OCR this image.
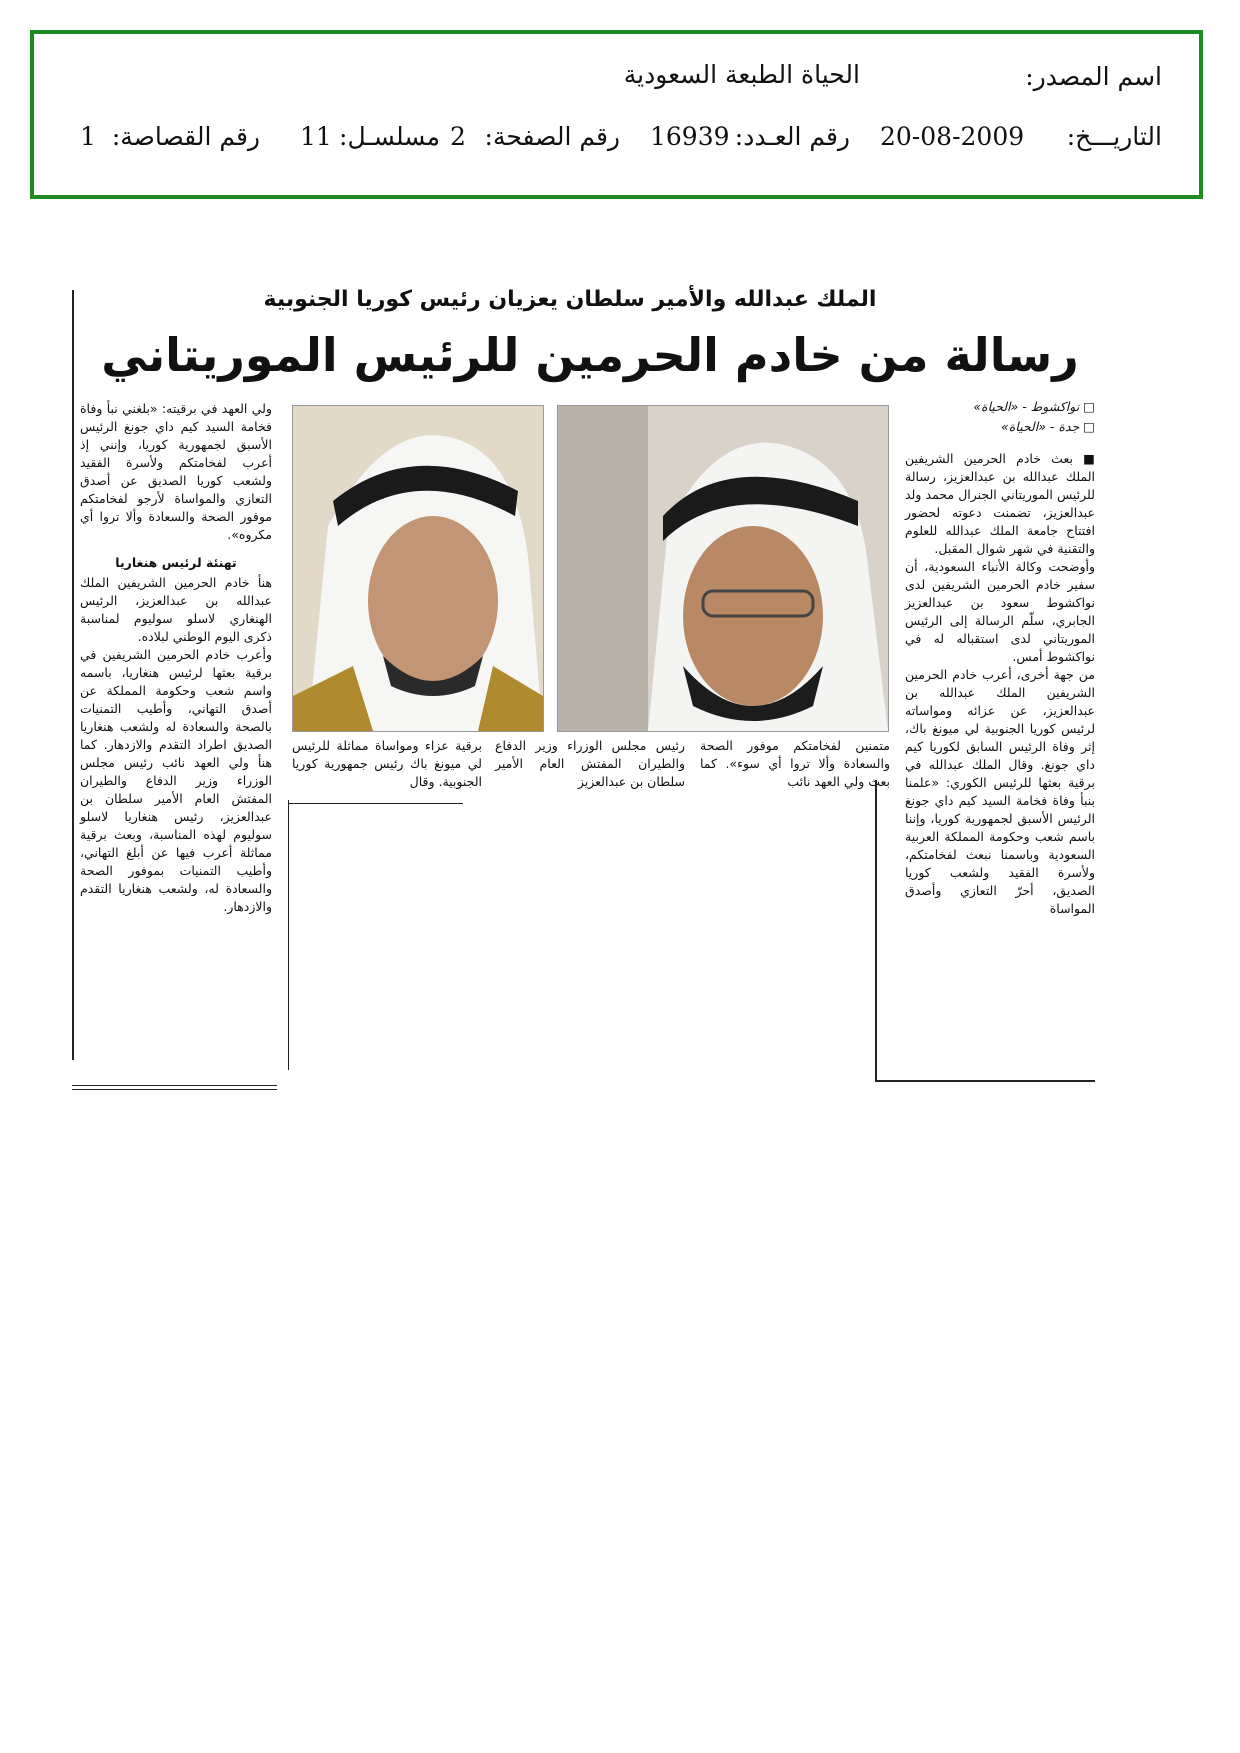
اسم المصدر:
الحياة الطبعة السعودية
التاريـــخ:
20-08-2009
رقم العـدد:
16939
رقم الصفحة:
2
مسلسـل:
11
رقم القصاصة:
1
الملك عبدالله والأمير سلطان يعزيان رئيس كوريا الجنوبية
رسالة من خادم الحرمين للرئيس الموريتاني
□ نواكشوط - «الحياة»
□ جدة - «الحياة»

■ بعث خادم الحرمين الشريفين الملك عبدالله بن عبدالعزيز، رسالة للرئيس الموريتاني الجنرال محمد ولد عبدالعزيز، تضمنت دعوته لحضور افتتاح جامعة الملك عبدالله للعلوم والتقنية في شهر شوال المقبل.

وأوضحت وكالة الأنباء السعودية، أن سفير خادم الحرمين الشريفين لدى نواكشوط سعود بن عبدالعزيز الجابري، سلّم الرسالة إلى الرئيس الموريتاني لدى استقباله له في نواكشوط أمس.

من جهة أخرى، أعرب خادم الحرمين الشريفين الملك عبدالله بن عبدالعزيز، عن عزائه ومواساته لرئيس كوريا الجنوبية لي ميونغ باك، إثر وفاة الرئيس السابق لكوريا كيم داي جونغ. وقال الملك عبدالله في برقية بعثها للرئيس الكوري: «علمنا بنبأ وفاة فخامة السيد كيم داي جونغ الرئيس الأسبق لجمهورية كوريا، وإننا باسم شعب وحكومة المملكة العربية السعودية وباسمنا نبعث لفخامتكم، ولأسرة الفقيد ولشعب كوريا الصديق، أحرّ التعازي وأصدق المواساة

متمنين لفخامتكم موفور الصحة والسعادة وألا تروا أي سوء». كما بعث ولي العهد نائب
رئيس مجلس الوزراء وزير الدفاع والطيران المفتش العام الأمير سلطان بن عبدالعزيز
برقية عزاء ومواساة مماثلة للرئيس لي ميونغ باك رئيس جمهورية كوريا الجنوبية. وقال

ولي العهد في برقيته: «بلغني نبأ وفاة فخامة السيد كيم داي جونغ الرئيس الأسبق لجمهورية كوريا، وإنني إذ أعرب لفخامتكم ولأسرة الفقيد ولشعب كوريا الصديق عن أصدق التعازي والمواساة لأرجو لفخامتكم موفور الصحة والسعادة وألا تروا أي مكروه».

تهنئة لرئيس هنغاريا

هنأ خادم الحرمين الشريفين الملك عبدالله بن عبدالعزيز، الرئيس الهنغاري لاسلو سوليوم لمناسبة ذكرى اليوم الوطني لبلاده.

وأعرب خادم الحرمين الشريفين في برقية بعثها لرئيس هنغاريا، باسمه واسم شعب وحكومة المملكة عن أصدق التهاني، وأطيب التمنيات بالصحة والسعادة له ولشعب هنغاريا الصديق اطراد التقدم والازدهار. كما هنأ ولي العهد نائب رئيس مجلس الوزراء وزير الدفاع والطيران المفتش العام الأمير سلطان بن عبدالعزيز، رئيس هنغاريا لاسلو سوليوم لهذه المناسبة، وبعث برقية مماثلة أعرب فيها عن أبلغ التهاني، وأطيب التمنيات بموفور الصحة والسعادة له، ولشعب هنغاريا التقدم والازدهار.
